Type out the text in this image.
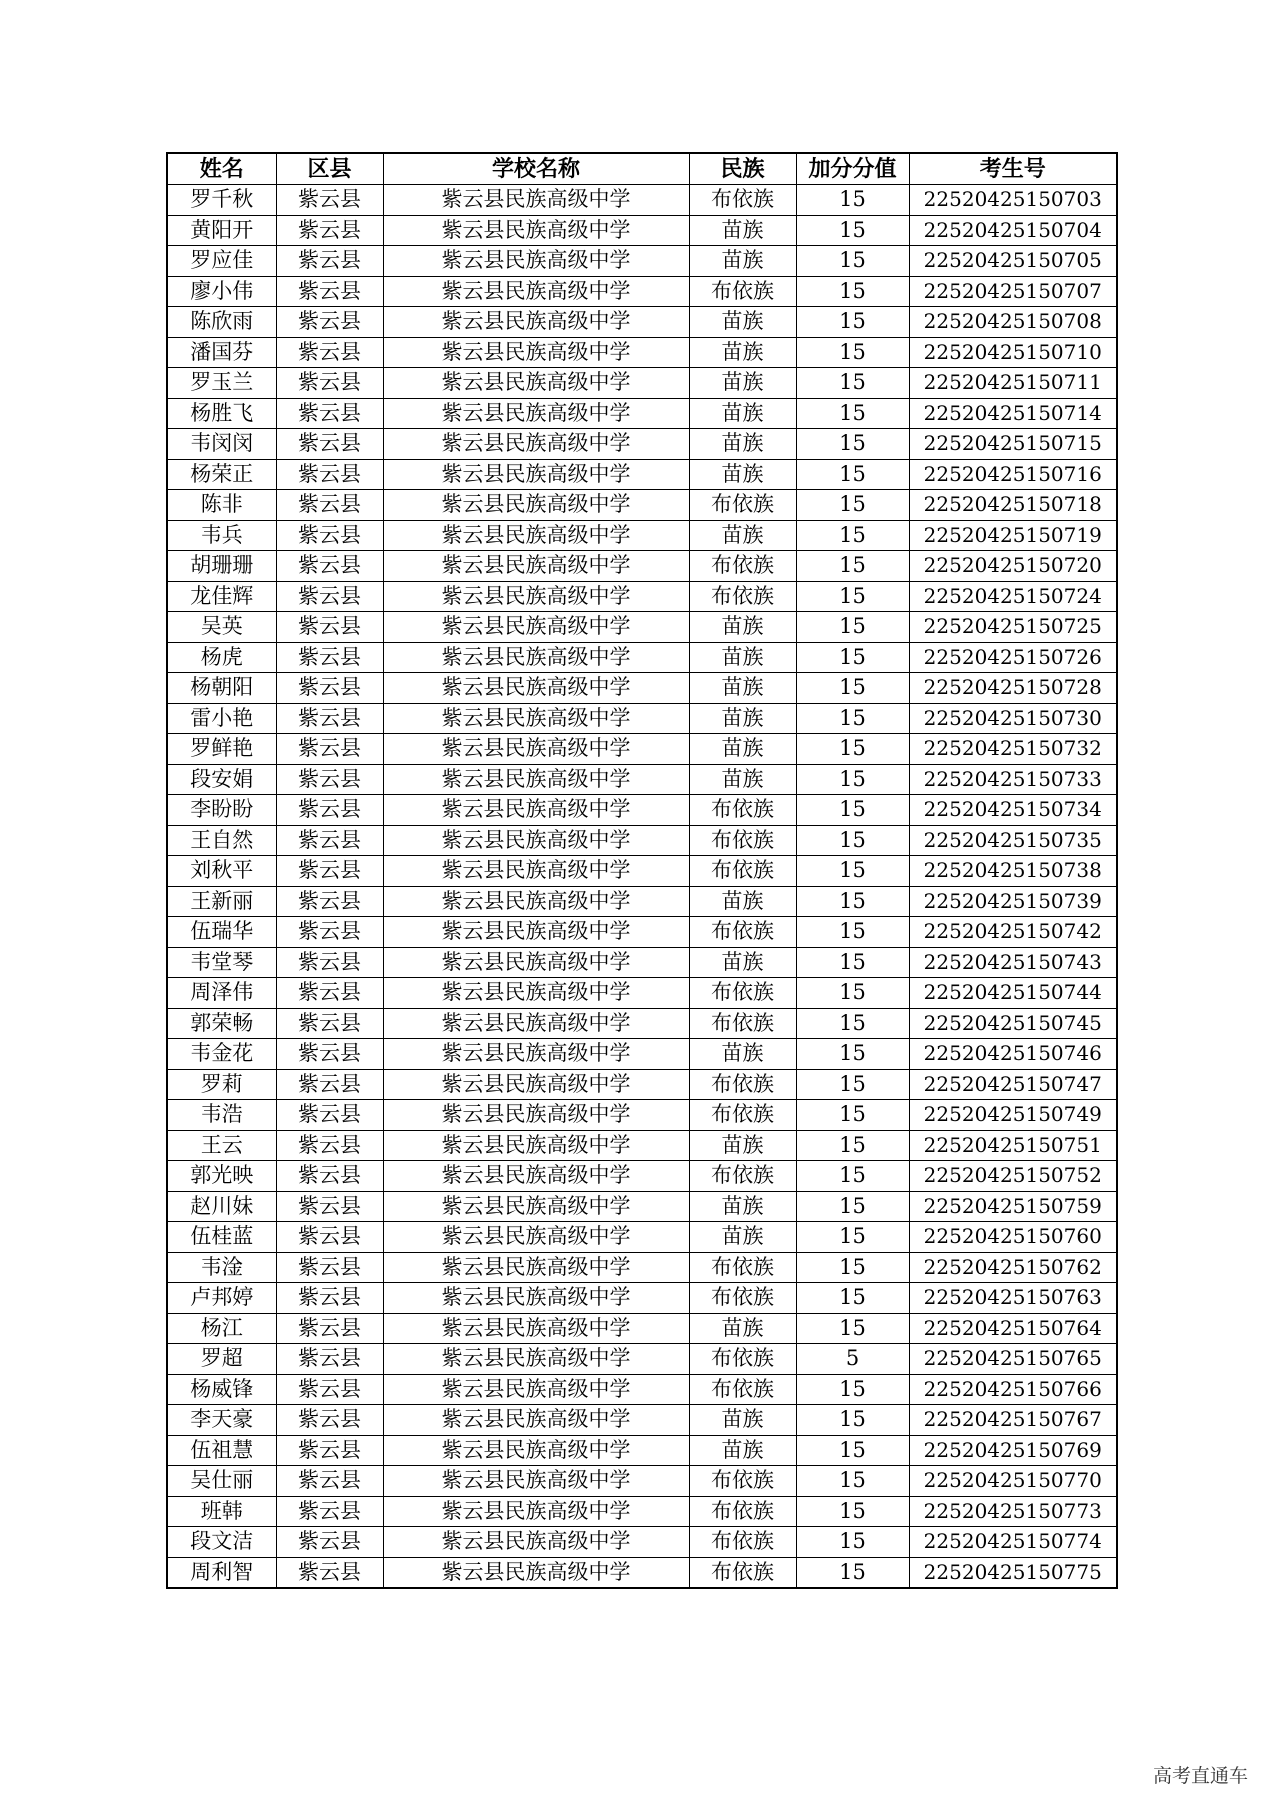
姓名	区县	学校名称	民族	加分分值	考生号
罗千秋	紫云县	紫云县民族高级中学	布依族	15	22520425150703
黄阳开	紫云县	紫云县民族高级中学	苗族	15	22520425150704
罗应佳	紫云县	紫云县民族高级中学	苗族	15	22520425150705
廖小伟	紫云县	紫云县民族高级中学	布依族	15	22520425150707
陈欣雨	紫云县	紫云县民族高级中学	苗族	15	22520425150708
潘国芬	紫云县	紫云县民族高级中学	苗族	15	22520425150710
罗玉兰	紫云县	紫云县民族高级中学	苗族	15	22520425150711
杨胜飞	紫云县	紫云县民族高级中学	苗族	15	22520425150714
韦闵闵	紫云县	紫云县民族高级中学	苗族	15	22520425150715
杨荣正	紫云县	紫云县民族高级中学	苗族	15	22520425150716
陈非	紫云县	紫云县民族高级中学	布依族	15	22520425150718
韦兵	紫云县	紫云县民族高级中学	苗族	15	22520425150719
胡珊珊	紫云县	紫云县民族高级中学	布依族	15	22520425150720
龙佳辉	紫云县	紫云县民族高级中学	布依族	15	22520425150724
吴英	紫云县	紫云县民族高级中学	苗族	15	22520425150725
杨虎	紫云县	紫云县民族高级中学	苗族	15	22520425150726
杨朝阳	紫云县	紫云县民族高级中学	苗族	15	22520425150728
雷小艳	紫云县	紫云县民族高级中学	苗族	15	22520425150730
罗鲜艳	紫云县	紫云县民族高级中学	苗族	15	22520425150732
段安娟	紫云县	紫云县民族高级中学	苗族	15	22520425150733
李盼盼	紫云县	紫云县民族高级中学	布依族	15	22520425150734
王自然	紫云县	紫云县民族高级中学	布依族	15	22520425150735
刘秋平	紫云县	紫云县民族高级中学	布依族	15	22520425150738
王新丽	紫云县	紫云县民族高级中学	苗族	15	22520425150739
伍瑞华	紫云县	紫云县民族高级中学	布依族	15	22520425150742
韦堂琴	紫云县	紫云县民族高级中学	苗族	15	22520425150743
周泽伟	紫云县	紫云县民族高级中学	布依族	15	22520425150744
郭荣畅	紫云县	紫云县民族高级中学	布依族	15	22520425150745
韦金花	紫云县	紫云县民族高级中学	苗族	15	22520425150746
罗莉	紫云县	紫云县民族高级中学	布依族	15	22520425150747
韦浩	紫云县	紫云县民族高级中学	布依族	15	22520425150749
王云	紫云县	紫云县民族高级中学	苗族	15	22520425150751
郭光映	紫云县	紫云县民族高级中学	布依族	15	22520425150752
赵川妹	紫云县	紫云县民族高级中学	苗族	15	22520425150759
伍桂蓝	紫云县	紫云县民族高级中学	苗族	15	22520425150760
韦淦	紫云县	紫云县民族高级中学	布依族	15	22520425150762
卢邦婷	紫云县	紫云县民族高级中学	布依族	15	22520425150763
杨江	紫云县	紫云县民族高级中学	苗族	15	22520425150764
罗超	紫云县	紫云县民族高级中学	布依族	5	22520425150765
杨威锋	紫云县	紫云县民族高级中学	布依族	15	22520425150766
李天豪	紫云县	紫云县民族高级中学	苗族	15	22520425150767
伍祖慧	紫云县	紫云县民族高级中学	苗族	15	22520425150769
吴仕丽	紫云县	紫云县民族高级中学	布依族	15	22520425150770
班韩	紫云县	紫云县民族高级中学	布依族	15	22520425150773
段文洁	紫云县	紫云县民族高级中学	布依族	15	22520425150774
周利智	紫云县	紫云县民族高级中学	布依族	15	22520425150775
高考直通车
